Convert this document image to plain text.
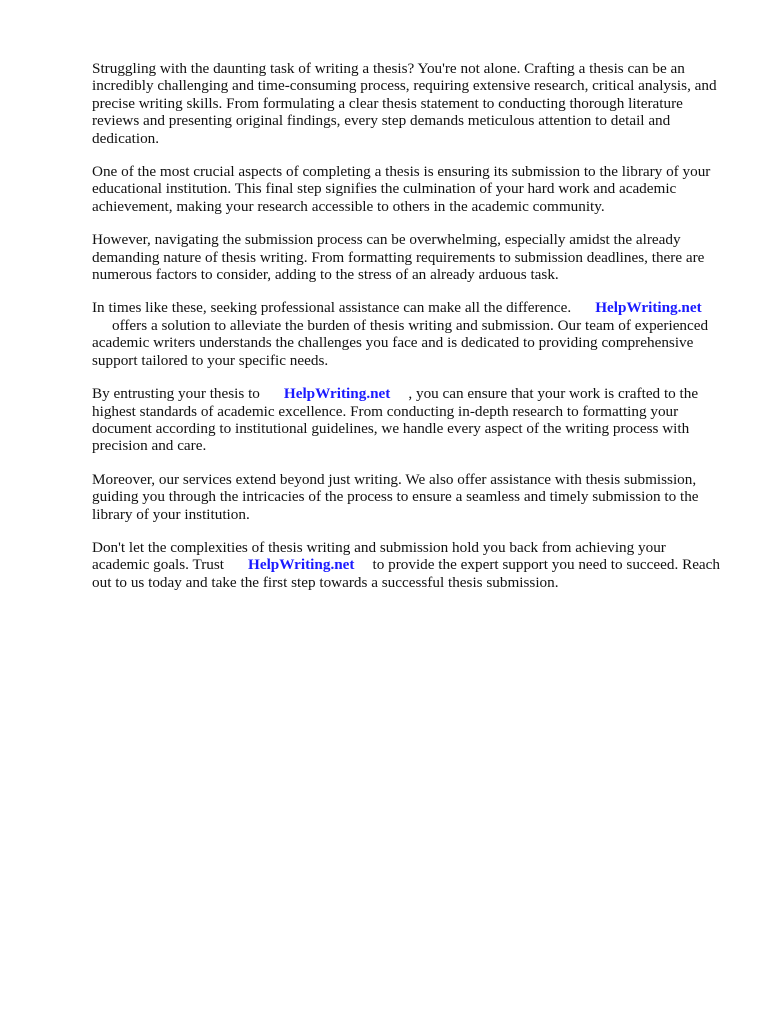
Struggling with the daunting task of writing a thesis? You're not alone. Crafting a thesis can be an incredibly challenging and time-consuming process, requiring extensive research, critical analysis, and precise writing skills. From formulating a clear thesis statement to conducting thorough literature reviews and presenting original findings, every step demands meticulous attention to detail and dedication.

One of the most crucial aspects of completing a thesis is ensuring its submission to the library of your educational institution. This final step signifies the culmination of your hard work and academic achievement, making your research accessible to others in the academic community.

However, navigating the submission process can be overwhelming, especially amidst the already demanding nature of thesis writing. From formatting requirements to submission deadlines, there are numerous factors to consider, adding to the stress of an already arduous task.

In times like these, seeking professional assistance can make all the difference. HelpWriting.net
offers a solution to alleviate the burden of thesis writing and submission. Our team of experienced academic writers understands the challenges you face and is dedicated to providing comprehensive support tailored to your specific needs.

By entrusting your thesis to HelpWriting.net , you can ensure that your work is crafted to the highest standards of academic excellence. From conducting in-depth research to formatting your document according to institutional guidelines, we handle every aspect of the writing process with precision and care.

Moreover, our services extend beyond just writing. We also offer assistance with thesis submission, guiding you through the intricacies of the process to ensure a seamless and timely submission to the library of your institution.

Don't let the complexities of thesis writing and submission hold you back from achieving your academic goals. Trust HelpWriting.net to provide the expert support you need to succeed. Reach out to us today and take the first step towards a successful thesis submission.
